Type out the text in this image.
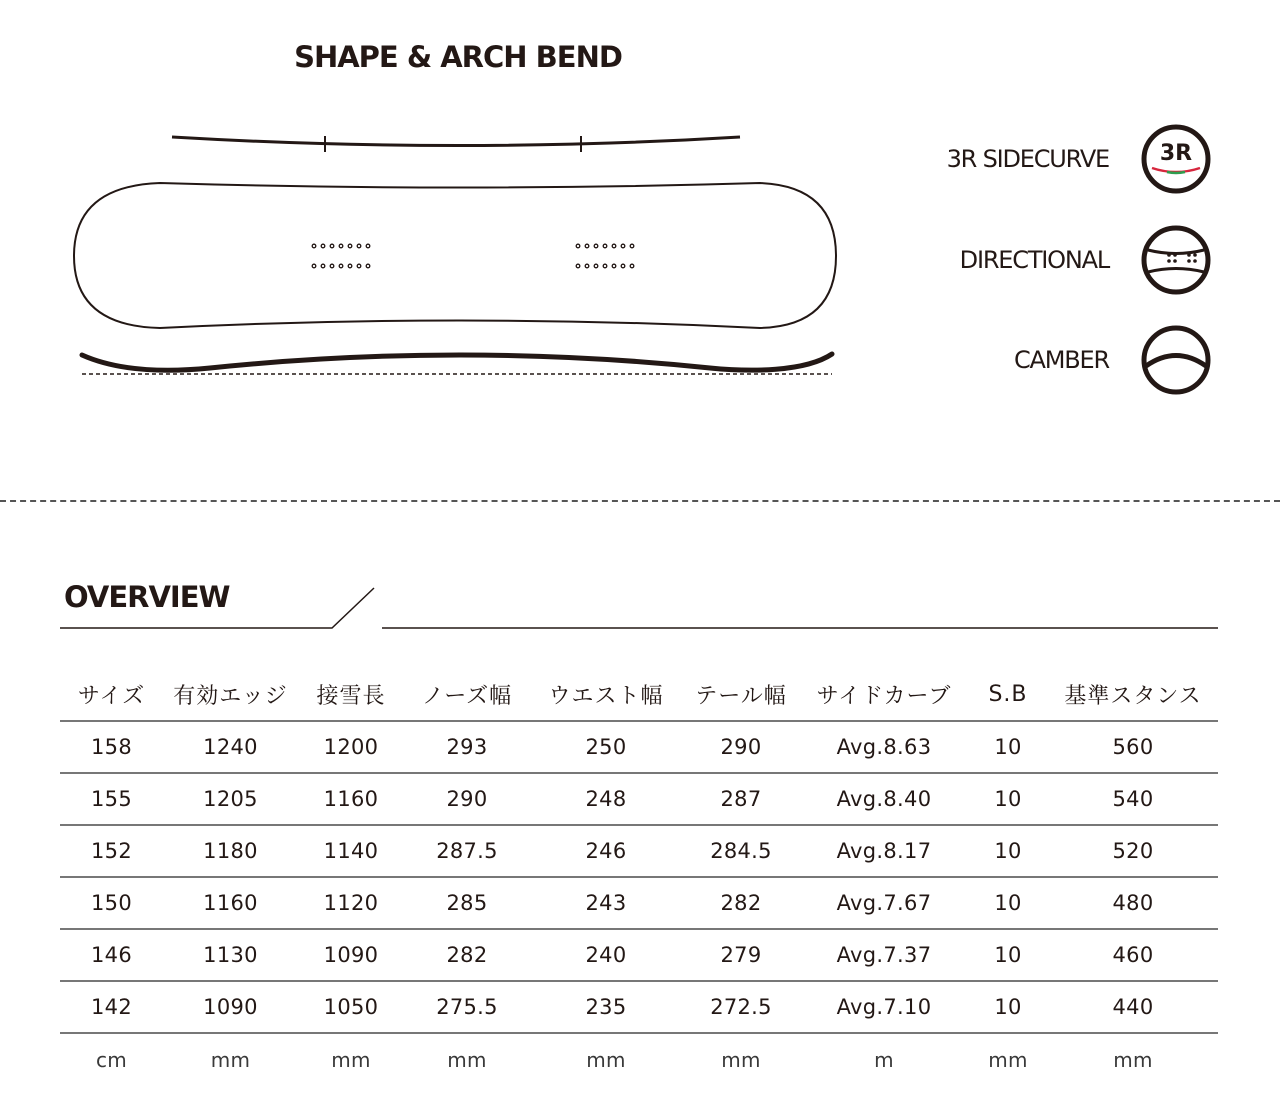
SHAPE & ARCH BEND
3R SIDECURVE 3R
DIRECTIONAL
CAMBER
OVERVIEW
サイズ	有効エッジ	接雪長	ノーズ幅	ウエスト幅	テール幅	サイドカーブ	S.B	基準スタンス
158	1240	1200	293	250	290	Avg.8.63	10	560
155	1205	1160	290	248	287	Avg.8.40	10	540
152	1180	1140	287.5	246	284.5	Avg.8.17	10	520
150	1160	1120	285	243	282	Avg.7.67	10	480
146	1130	1090	282	240	279	Avg.7.37	10	460
142	1090	1050	275.5	235	272.5	Avg.7.10	10	440
cm	mm	mm	mm	mm	mm	m	mm	mm
